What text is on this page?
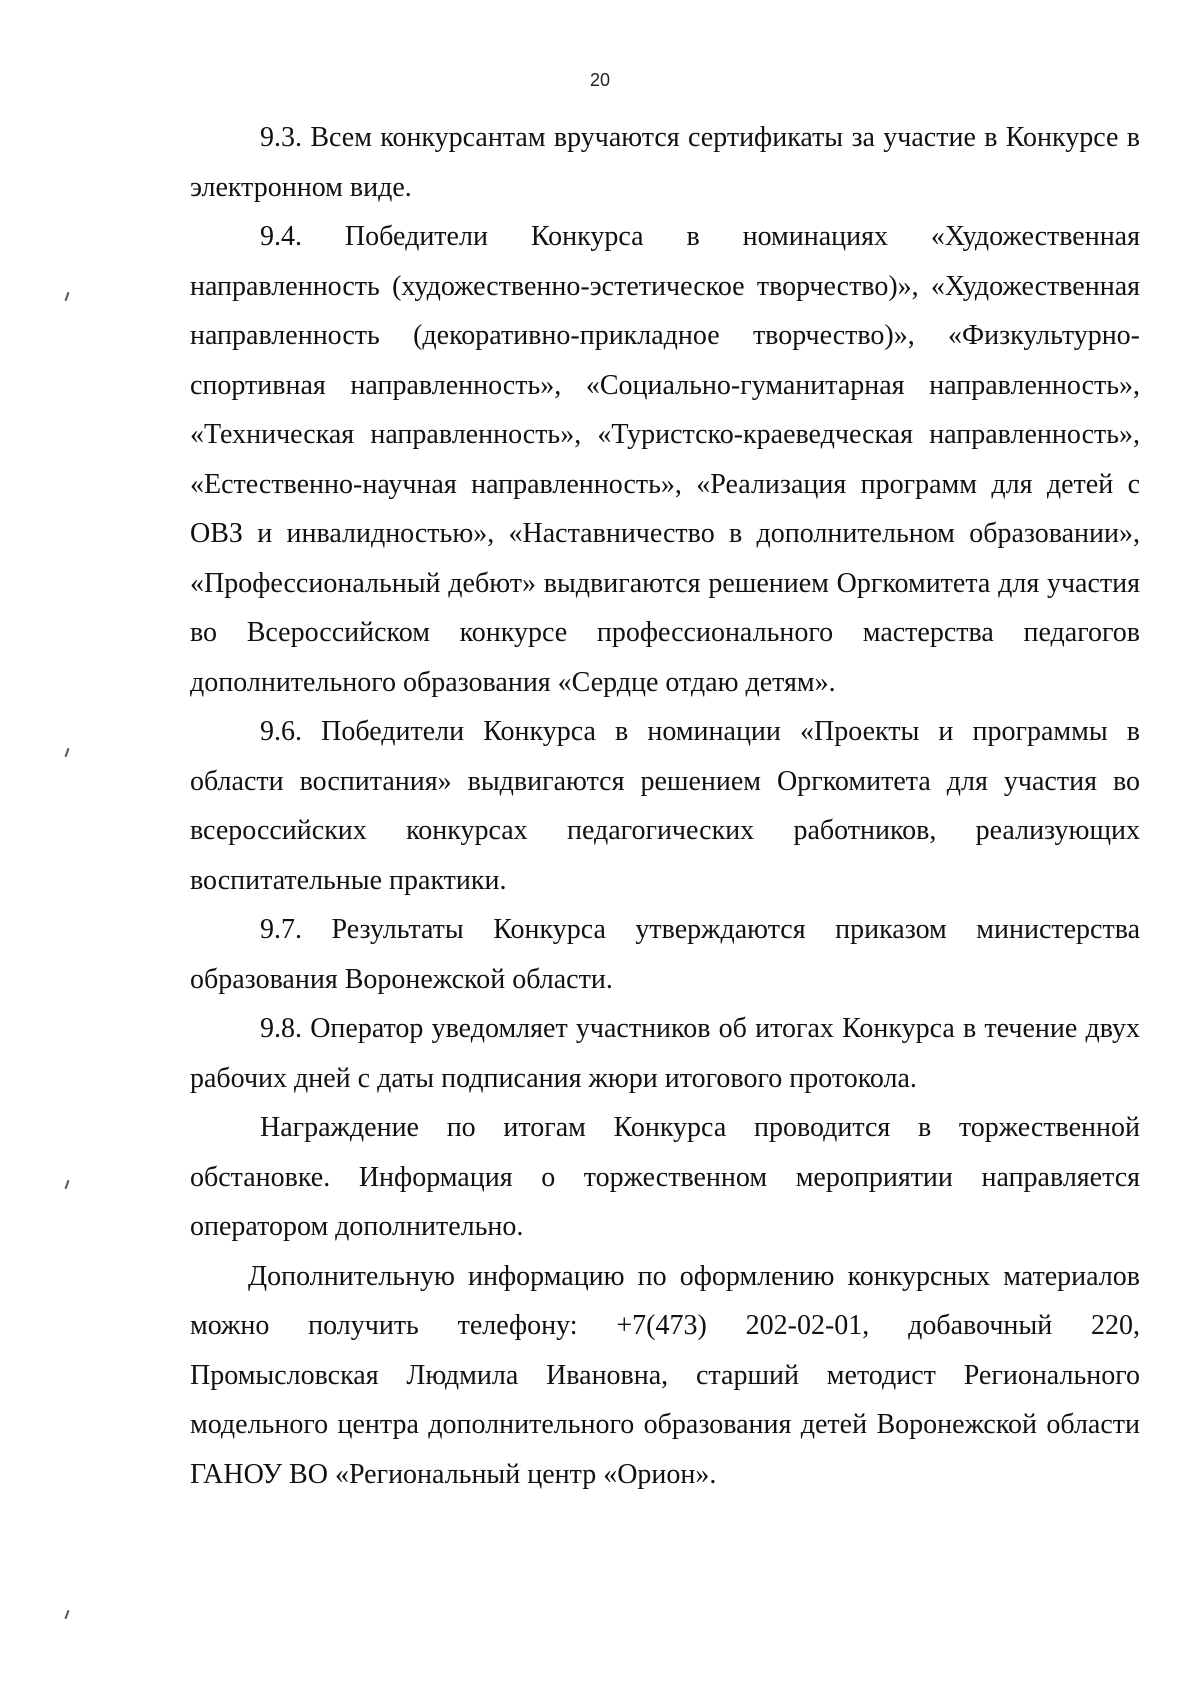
20

9.3. Всем конкурсантам вручаются сертификаты за участие в Конкурсе в электронном виде.

9.4. Победители Конкурса в номинациях «Художественная направленность (художественно-эстетическое творчество)», «Художественная направленность (декоративно-прикладное творчество)», «Физкультурно-спортивная направленность», «Социально-гуманитарная направленность», «Техническая направленность», «Туристско-краеведческая направленность», «Естественно-научная направленность», «Реализация программ для детей с ОВЗ и инвалидностью», «Наставничество в дополнительном образовании», «Профессиональный дебют» выдвигаются решением Оргкомитета для участия во Всероссийском конкурсе профессионального мастерства педагогов дополнительного образования «Сердце отдаю детям».

9.6. Победители Конкурса в номинации «Проекты и программы в области воспитания» выдвигаются решением Оргкомитета для участия во всероссийских конкурсах педагогических работников, реализующих воспитательные практики.

9.7. Результаты Конкурса утверждаются приказом министерства образования Воронежской области.

9.8. Оператор уведомляет участников об итогах Конкурса в течение двух рабочих дней с даты подписания жюри итогового протокола.

Награждение по итогам Конкурса проводится в торжественной обстановке. Информация о торжественном мероприятии направляется оператором дополнительно.

Дополнительную информацию по оформлению конкурсных материалов можно получить телефону: +7(473) 202-02-01, добавочный 220, Промысловская Людмила Ивановна, старший методист Регионального модельного центра дополнительного образования детей Воронежской области ГАНОУ ВО «Региональный центр «Орион».
